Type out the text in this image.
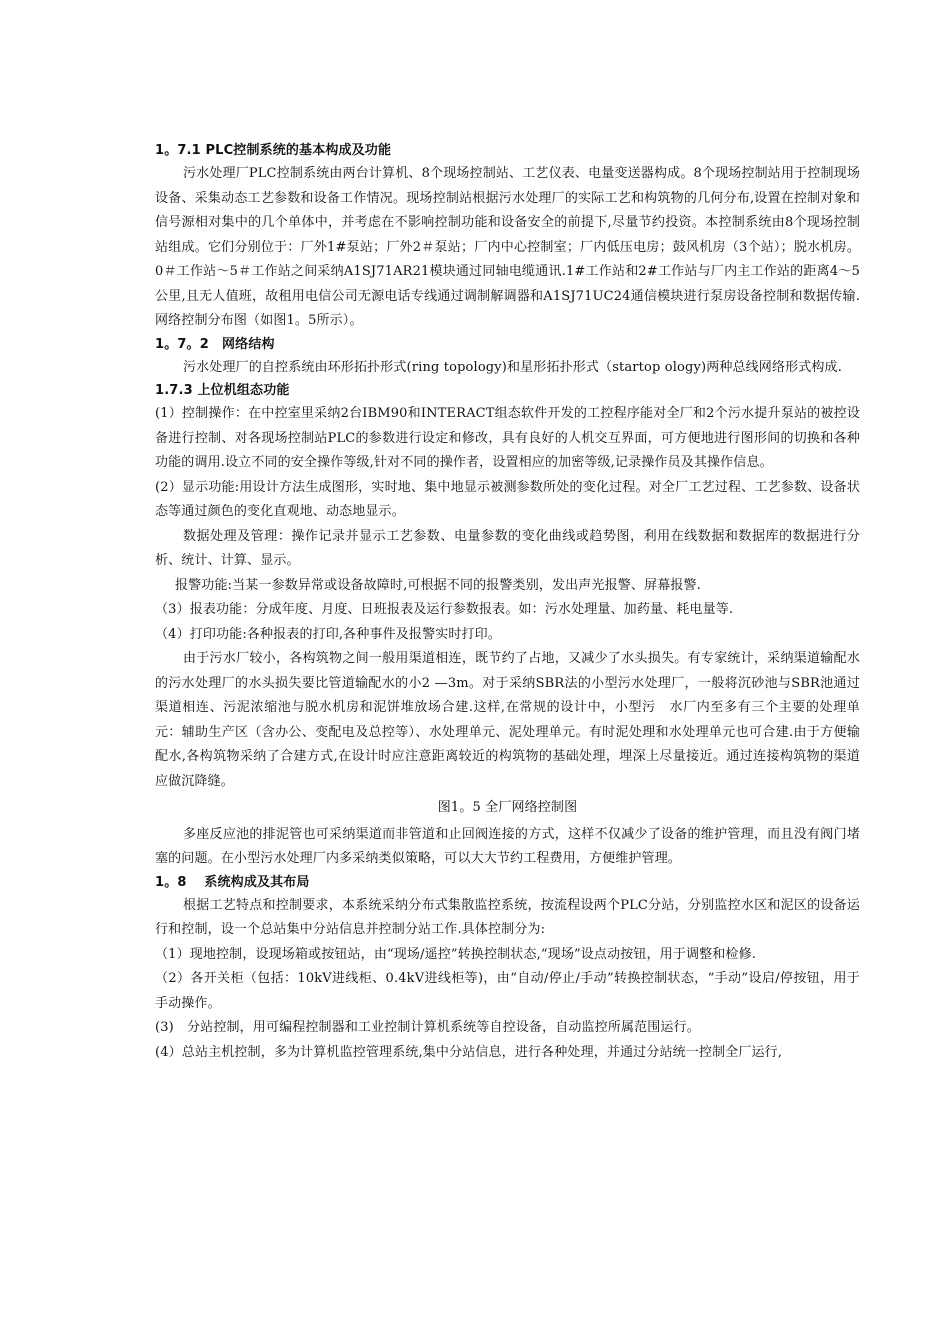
1。7.1 PLC控制系统的基本构成及功能

污水处理厂PLC控制系统由两台计算机、8个现场控制站、工艺仪表、电量变送器构成。8个现场控制站用于控制现场设备、采集动态工艺参数和设备工作情况。现场控制站根据污水处理厂的实际工艺和构筑物的几何分布,设置在控制对象和信号源相对集中的几个单体中，并考虑在不影响控制功能和设备安全的前提下,尽量节约投资。本控制系统由8个现场控制站组成。它们分别位于：厂外1#泵站；厂外2＃泵站；厂内中心控制室；厂内低压电房；鼓风机房（3个站）；脱水机房。0＃工作站～5＃工作站之间采纳A1SJ71AR21模块通过同轴电缆通讯.1#工作站和2#工作站与厂内主工作站的距离4～5公里,且无人值班，故租用电信公司无源电话专线通过调制解调器和A1SJ71UC24通信模块进行泵房设备控制和数据传输.网络控制分布图（如图1。5所示）。

1。7。2　网络结构

污水处理厂的自控系统由环形拓扑形式(ring topology)和星形拓扑形式（startop ology)两种总线网络形式构成.

1.7.3 上位机组态功能

(1）控制操作：在中控室里采纳2台IBM90和INTERACT组态软件开发的工控程序能对全厂和2个污水提升泵站的被控设备进行控制、对各现场控制站PLC的参数进行设定和修改，具有良好的人机交互界面，可方便地进行图形间的切换和各种功能的调用.设立不同的安全操作等级,针对不同的操作者，设置相应的加密等级,记录操作员及其操作信息。

(2）显示功能:用设计方法生成图形，实时地、集中地显示被测参数所处的变化过程。对全厂工艺过程、工艺参数、设备状态等通过颜色的变化直观地、动态地显示。

数据处理及管理：操作记录并显示工艺参数、电量参数的变化曲线或趋势图，利用在线数据和数据库的数据进行分析、统计、计算、显示。

报警功能:当某一参数异常或设备故障时,可根据不同的报警类别，发出声光报警、屏幕报警.

（3）报表功能：分成年度、月度、日班报表及运行参数报表。如：污水处理量、加药量、耗电量等.

（4）打印功能:各种报表的打印,各种事件及报警实时打印。

由于污水厂较小，各构筑物之间一般用渠道相连，既节约了占地，又减少了水头损失。有专家统计，采纳渠道输配水的污水处理厂的水头损失要比管道输配水的小2 —3m。对于采纳SBR法的小型污水处理厂，一般将沉砂池与SBR池通过渠道相连、污泥浓缩池与脱水机房和泥饼堆放场合建.这样,在常规的设计中，小型污　水厂内至多有三个主要的处理单元：辅助生产区（含办公、变配电及总控等）、水处理单元、泥处理单元。有时泥处理和水处理单元也可合建.由于方便输配水,各构筑物采纳了合建方式,在设计时应注意距离较近的构筑物的基础处理，埋深上尽量接近。通过连接构筑物的渠道应做沉降缝。

图1。5 全厂网络控制图

多座反应池的排泥管也可采纳渠道而非管道和止回阀连接的方式，这样不仅减少了设备的维护管理，而且没有阀门堵塞的问题。在小型污水处理厂内多采纳类似策略，可以大大节约工程费用，方便维护管理。

1。8　 系统构成及其布局

根据工艺特点和控制要求，本系统采纳分布式集散监控系统，按流程设两个PLC分站，分别监控水区和泥区的设备运行和控制，设一个总站集中分站信息并控制分站工作.具体控制分为:

（1）现地控制，设现场箱或按钮站，由“现场/遥控”转换控制状态,“现场”设点动按钮，用于调整和检修.

（2）各开关柜（包括：10kV进线柜、0.4kV进线柜等)，由“自动/停止/手动”转换控制状态，“手动”设启/停按钮，用于手动操作。

(3)　分站控制，用可编程控制器和工业控制计算机系统等自控设备，自动监控所属范围运行。

(4）总站主机控制，多为计算机监控管理系统,集中分站信息，进行各种处理，并通过分站统一控制全厂运行,
